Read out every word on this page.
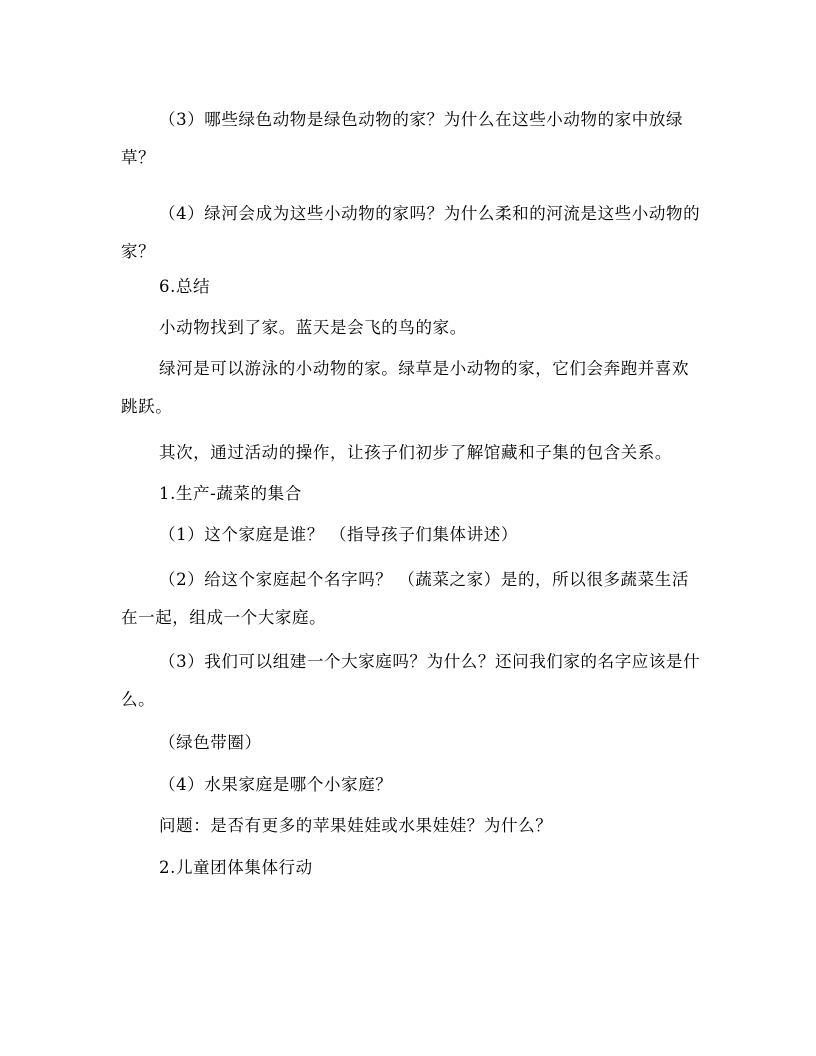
（3）哪些绿色动物是绿色动物的家？为什么在这些小动物的家中放绿草？

（4）绿河会成为这些小动物的家吗？为什么柔和的河流是这些小动物的家？

6.总结

小动物找到了家。蓝天是会飞的鸟的家。

绿河是可以游泳的小动物的家。绿草是小动物的家，它们会奔跑并喜欢跳跃。

其次，通过活动的操作，让孩子们初步了解馆藏和子集的包含关系。

1.生产-蔬菜的集合

（1）这个家庭是谁？ （指导孩子们集体讲述）

（2）给这个家庭起个名字吗？ （蔬菜之家）是的，所以很多蔬菜生活在一起，组成一个大家庭。

（3）我们可以组建一个大家庭吗？为什么？还问我们家的名字应该是什么。

（绿色带圈）

（4）水果家庭是哪个小家庭？

问题：是否有更多的苹果娃娃或水果娃娃？为什么？

2.儿童团体集体行动
